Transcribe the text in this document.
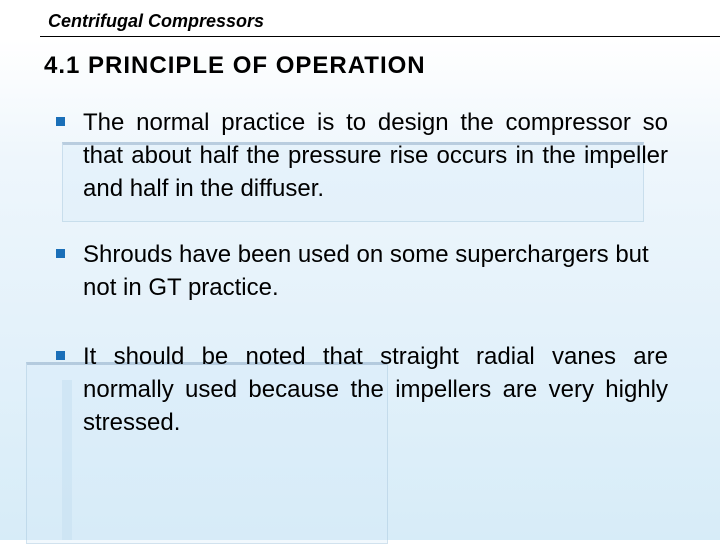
Centrifugal Compressors
4.1 PRINCIPLE OF OPERATION
The normal practice is to design the compressor so that about half the pressure rise occurs in the impeller and half in the diffuser.
Shrouds have been used on some superchargers but not in GT practice.
It should be noted that straight radial vanes are normally used because the impellers are very highly stressed.
